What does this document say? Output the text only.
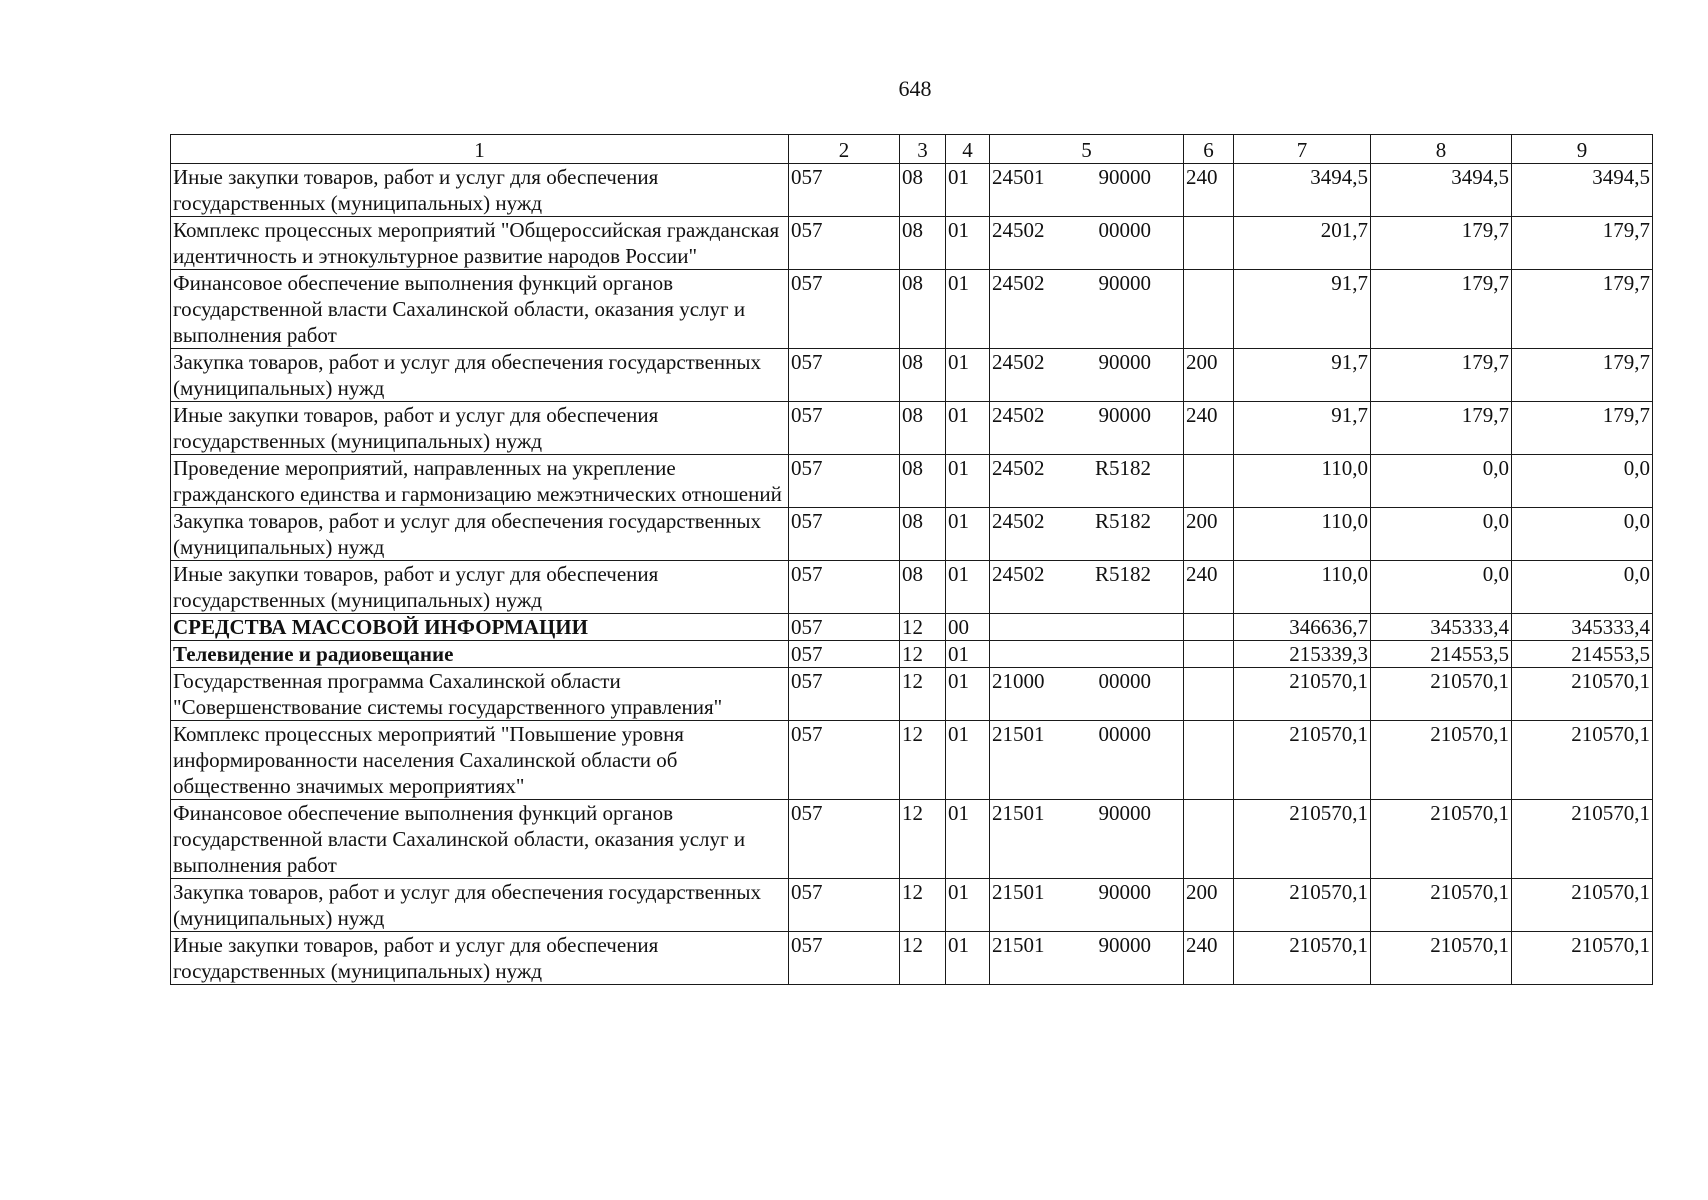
648
1	2	3	4	5	6	7	8	9
Иные закупки товаров, работ и услуг для обеспечения государственных (муниципальных) нужд	057	08	01	24501 90000	240	3494,5	3494,5	3494,5
Комплекс процессных мероприятий "Общероссийская гражданская идентичность и этнокультурное развитие народов России"	057	08	01	24502 00000		201,7	179,7	179,7
Финансовое обеспечение выполнения функций органов государственной власти Сахалинской области, оказания услуг и выполнения работ	057	08	01	24502 90000		91,7	179,7	179,7
Закупка товаров, работ и услуг для обеспечения государственных (муниципальных) нужд	057	08	01	24502 90000	200	91,7	179,7	179,7
Иные закупки товаров, работ и услуг для обеспечения государственных (муниципальных) нужд	057	08	01	24502 90000	240	91,7	179,7	179,7
Проведение мероприятий, направленных на укрепление гражданского единства и гармонизацию межэтнических отношений	057	08	01	24502 R5182		110,0	0,0	0,0
Закупка товаров, работ и услуг для обеспечения государственных (муниципальных) нужд	057	08	01	24502 R5182	200	110,0	0,0	0,0
Иные закупки товаров, работ и услуг для обеспечения государственных (муниципальных) нужд	057	08	01	24502 R5182	240	110,0	0,0	0,0
СРЕДСТВА МАССОВОЙ ИНФОРМАЦИИ	057	12	00			346636,7	345333,4	345333,4
Телевидение и радиовещание	057	12	01			215339,3	214553,5	214553,5
Государственная программа Сахалинской области "Совершенствование системы государственного управления"	057	12	01	21000 00000		210570,1	210570,1	210570,1
Комплекс процессных мероприятий "Повышение уровня информированности населения Сахалинской области об общественно значимых мероприятиях"	057	12	01	21501 00000		210570,1	210570,1	210570,1
Финансовое обеспечение выполнения функций органов государственной власти Сахалинской области, оказания услуг и выполнения работ	057	12	01	21501 90000		210570,1	210570,1	210570,1
Закупка товаров, работ и услуг для обеспечения государственных (муниципальных) нужд	057	12	01	21501 90000	200	210570,1	210570,1	210570,1
Иные закупки товаров, работ и услуг для обеспечения государственных (муниципальных) нужд	057	12	01	21501 90000	240	210570,1	210570,1	210570,1
